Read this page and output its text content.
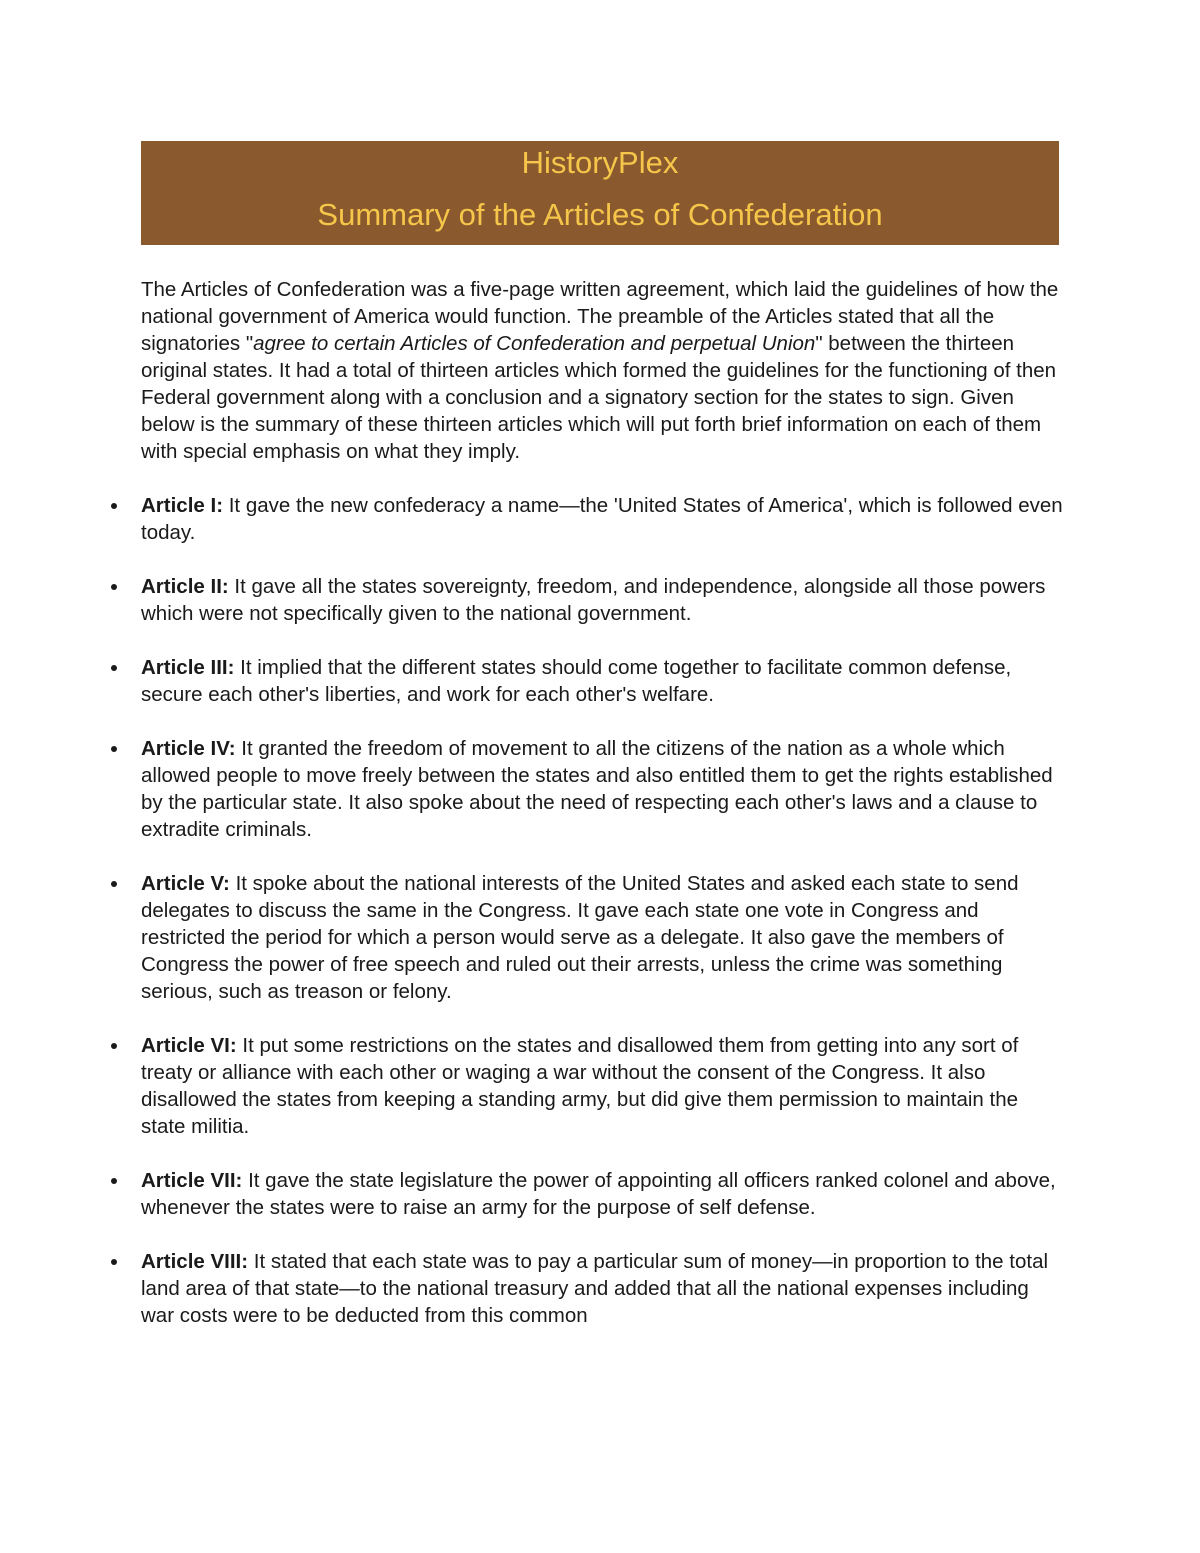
HistoryPlex
Summary of the Articles of Confederation

The Articles of Confederation was a five-page written agreement, which laid the guidelines of how the national government of America would function. The preamble of the Articles stated that all the signatories "agree to certain Articles of Confederation and perpetual Union" between the thirteen original states. It had a total of thirteen articles which formed the guidelines for the functioning of then Federal government along with a conclusion and a signatory section for the states to sign. Given below is the summary of these thirteen articles which will put forth brief information on each of them with special emphasis on what they imply.

Article I: It gave the new confederacy a name—the 'United States of America', which is followed even today.
Article II: It gave all the states sovereignty, freedom, and independence, alongside all those powers which were not specifically given to the national government.
Article III: It implied that the different states should come together to facilitate common defense, secure each other's liberties, and work for each other's welfare.
Article IV: It granted the freedom of movement to all the citizens of the nation as a whole which allowed people to move freely between the states and also entitled them to get the rights established by the particular state. It also spoke about the need of respecting each other's laws and a clause to extradite criminals.
Article V: It spoke about the national interests of the United States and asked each state to send delegates to discuss the same in the Congress. It gave each state one vote in Congress and restricted the period for which a person would serve as a delegate. It also gave the members of Congress the power of free speech and ruled out their arrests, unless the crime was something serious, such as treason or felony.
Article VI: It put some restrictions on the states and disallowed them from getting into any sort of treaty or alliance with each other or waging a war without the consent of the Congress. It also disallowed the states from keeping a standing army, but did give them permission to maintain the state militia.
Article VII: It gave the state legislature the power of appointing all officers ranked colonel and above, whenever the states were to raise an army for the purpose of self defense.
Article VIII: It stated that each state was to pay a particular sum of money—in proportion to the total land area of that state—to the national treasury and added that all the national expenses including war costs were to be deducted from this common
